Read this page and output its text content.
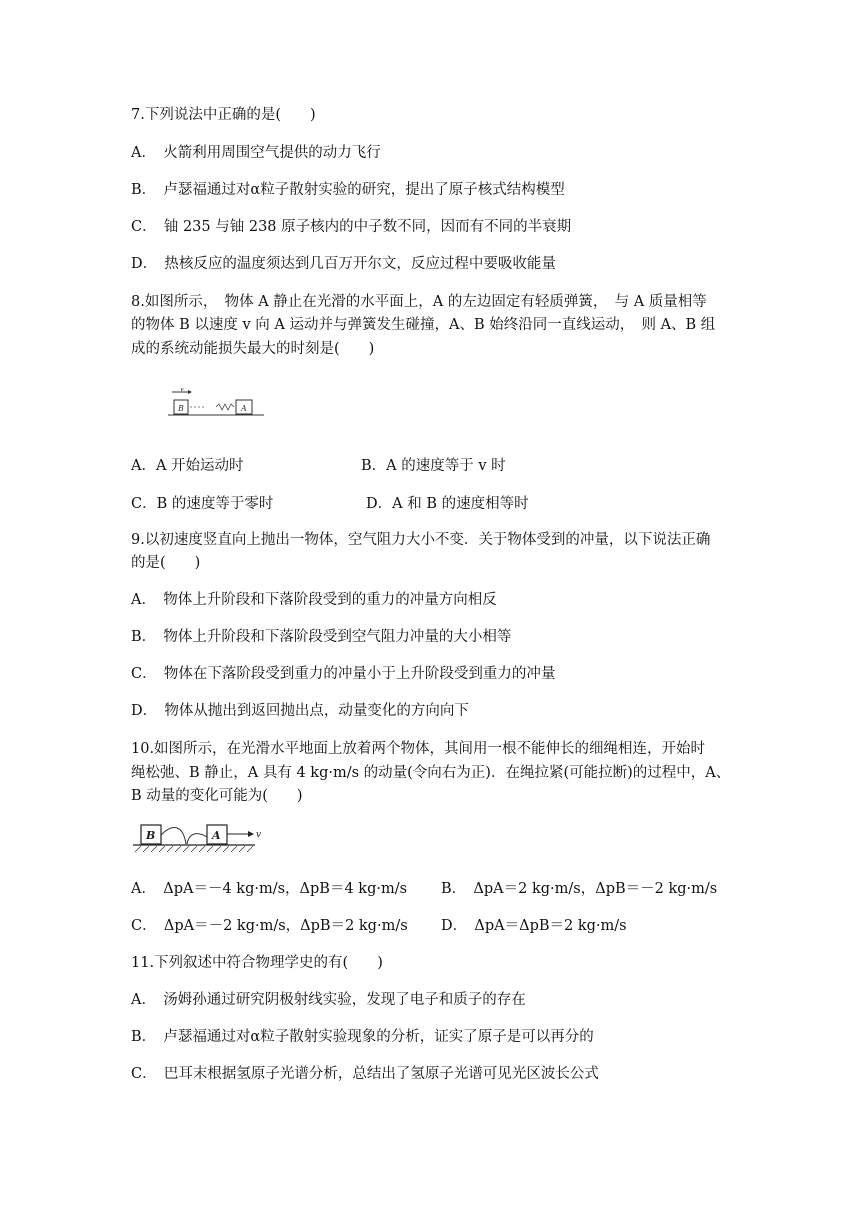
7.下列说法中正确的是(　　)
A．　火箭利用周围空气提供的动力飞行
B．　卢瑟福通过对α粒子散射实验的研究，提出了原子核式结构模型
C．　铀 235 与铀 238 原子核内的中子数不同，因而有不同的半衰期
D．　热核反应的温度须达到几百万开尔文，反应过程中要吸收能量
8.如图所示，　物体 A 静止在光滑的水平面上，A 的左边固定有轻质弹簧，　与 A 质量相等
的物体 B 以速度 v 向 A 运动并与弹簧发生碰撞，A、B 始终沿同一直线运动，　则 A、B 组
成的系统动能损失最大的时刻是(　　)
v
B	A
A．A 开始运动时	B．A 的速度等于 v 时
C．B 的速度等于零时	D．A 和 B 的速度相等时
9.以初速度竖直向上抛出一物体，空气阻力大小不变．关于物体受到的冲量，以下说法正确
的是(　　)
A．　物体上升阶段和下落阶段受到的重力的冲量方向相反
B．　物体上升阶段和下落阶段受到空气阻力冲量的大小相等
C．　物体在下落阶段受到重力的冲量小于上升阶段受到重力的冲量
D．　物体从抛出到返回抛出点，动量变化的方向向下
10.如图所示，在光滑水平地面上放着两个物体，其间用一根不能伸长的细绳相连，开始时
绳松弛、B 静止，A 具有 4 kg·m/s 的动量(令向右为正)．在绳拉紧(可能拉断)的过程中，A、
B 动量的变化可能为(　　)
B	A	v
A．　ΔpA＝－4 kg·m/s，ΔpB＝4 kg·m/s B．　ΔpA＝2 kg·m/s，ΔpB＝－2 kg·m/s
C．　ΔpA＝－2 kg·m/s，ΔpB＝2 kg·m/s D．　ΔpA＝ΔpB＝2 kg·m/s
11.下列叙述中符合物理学史的有(　　)
A．　汤姆孙通过研究阴极射线实验，发现了电子和质子的存在
B．　卢瑟福通过对α粒子散射实验现象的分析，证实了原子是可以再分的
C．　巴耳末根据氢原子光谱分析，总结出了氢原子光谱可见光区波长公式
